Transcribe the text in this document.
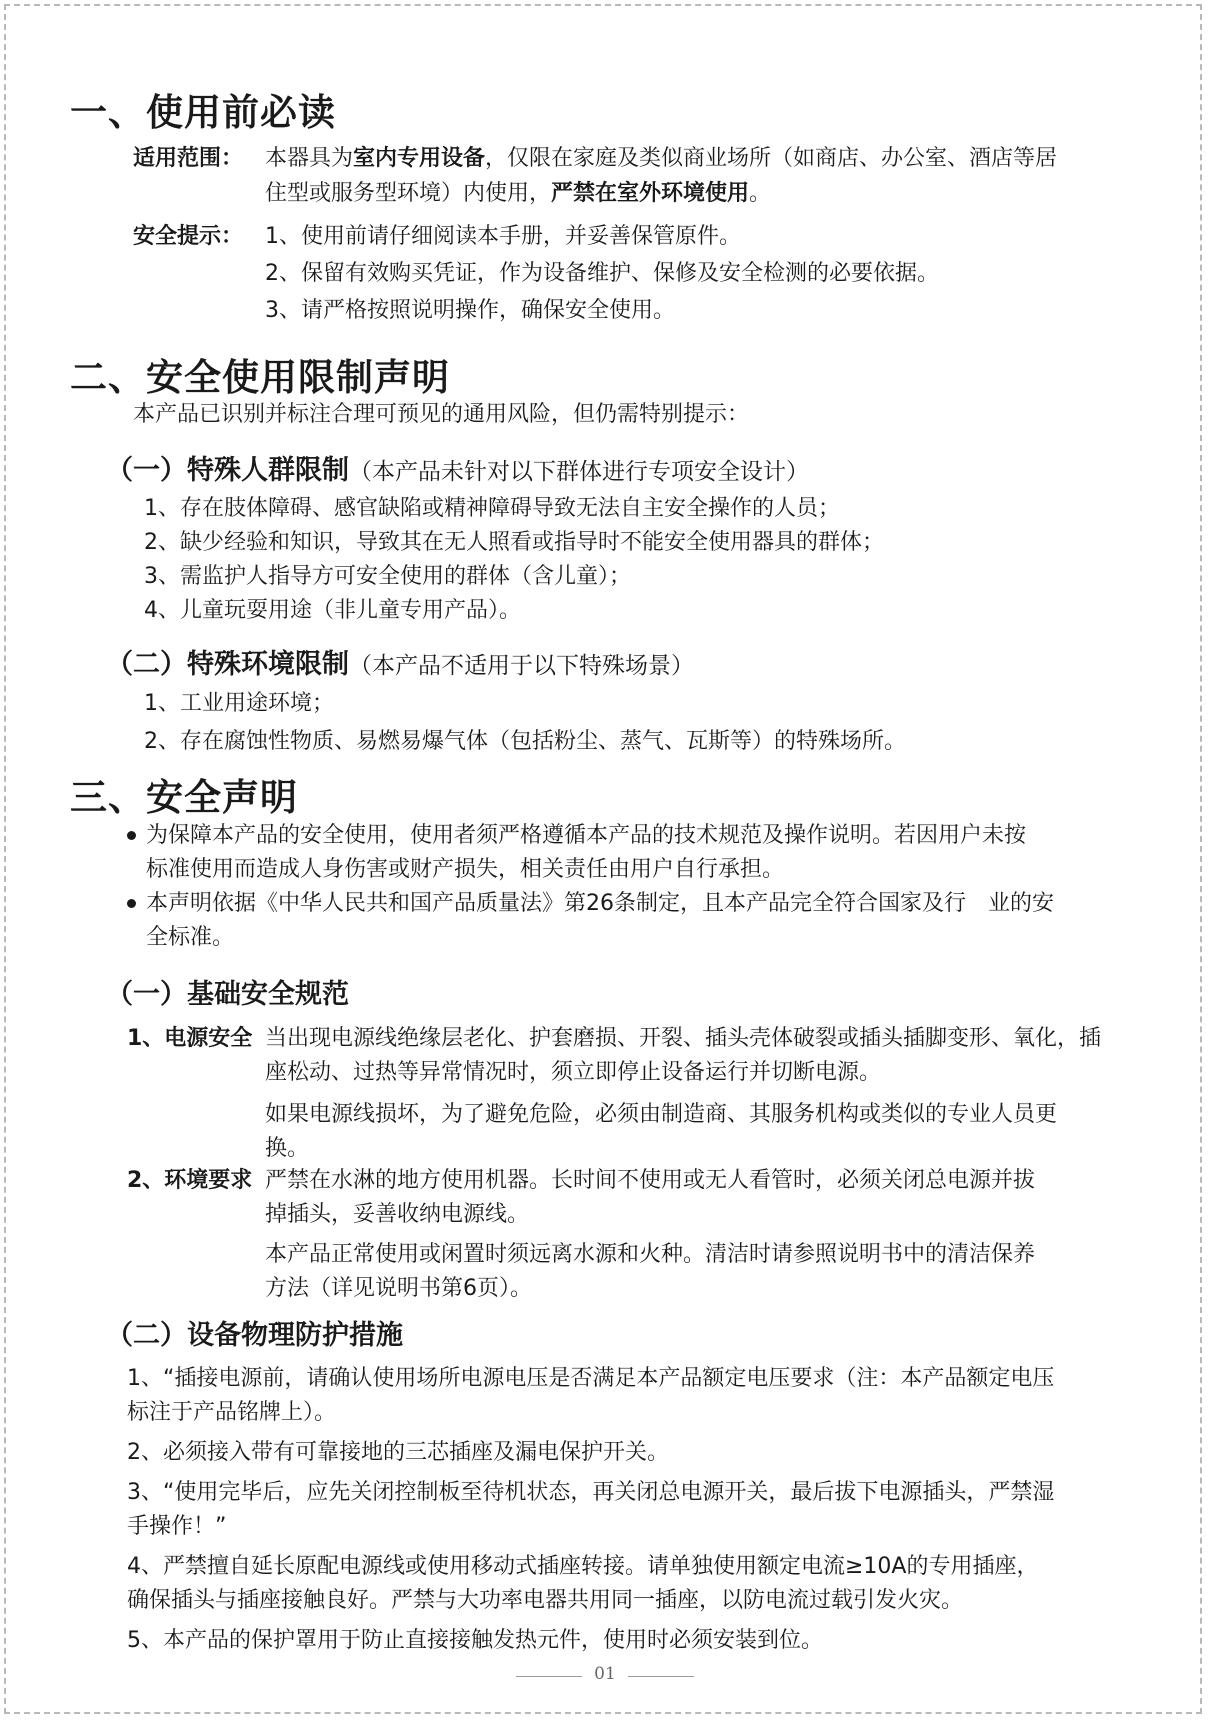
一、使用前必读
适用范围： 本器具为室内专用设备，仅限在家庭及类似商业场所（如商店、办公室、酒店等居
住型或服务型环境）内使用，严禁在室外环境使用。
安全提示： 1、使用前请仔细阅读本手册，并妥善保管原件。
2、保留有效购买凭证，作为设备维护、保修及安全检测的必要依据。
3、请严格按照说明操作，确保安全使用。
二、安全使用限制声明
本产品已识别并标注合理可预见的通用风险，但仍需特别提示：
（一）特殊人群限制（本产品未针对以下群体进行专项安全设计）
1、存在肢体障碍、感官缺陷或精神障碍导致无法自主安全操作的人员；
2、缺少经验和知识，导致其在无人照看或指导时不能安全使用器具的群体；
3、需监护人指导方可安全使用的群体（含儿童）；
4、儿童玩耍用途（非儿童专用产品）。
（二）特殊环境限制（本产品不适用于以下特殊场景）
1、工业用途环境；
2、存在腐蚀性物质、易燃易爆气体（包括粉尘、蒸气、瓦斯等）的特殊场所。
三、安全声明
为保障本产品的安全使用，使用者须严格遵循本产品的技术规范及操作说明。若因用户未按
标准使用而造成人身伤害或财产损失，相关责任由用户自行承担。
本声明依据《中华人民共和国产品质量法》第26条制定，且本产品完全符合国家及行　业的安
全标准。
（一）基础安全规范
1、电源安全 当出现电源线绝缘层老化、护套磨损、开裂、插头壳体破裂或插头插脚变形、氧化，插
座松动、过热等异常情况时，须立即停止设备运行并切断电源。
如果电源线损坏，为了避免危险，必须由制造商、其服务机构或类似的专业人员更
换。
2、环境要求 严禁在水淋的地方使用机器。长时间不使用或无人看管时，必须关闭总电源并拔
掉插头，妥善收纳电源线。
本产品正常使用或闲置时须远离水源和火种。清洁时请参照说明书中的清洁保养
方法（详见说明书第6页）。
（二）设备物理防护措施
1、“插接电源前，请确认使用场所电源电压是否满足本产品额定电压要求（注：本产品额定电压
标注于产品铭牌上）。
2、必须接入带有可靠接地的三芯插座及漏电保护开关。
3、“使用完毕后，应先关闭控制板至待机状态，再关闭总电源开关，最后拔下电源插头，严禁湿
手操作！”
4、严禁擅自延长原配电源线或使用移动式插座转接。请单独使用额定电流≥10A的专用插座，
确保插头与插座接触良好。严禁与大功率电器共用同一插座，以防电流过载引发火灾。
5、本产品的保护罩用于防止直接接触发热元件，使用时必须安装到位。
01
